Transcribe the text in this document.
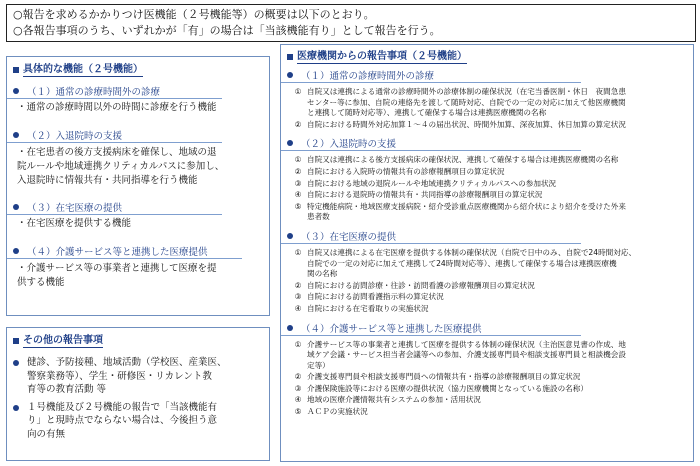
○報告を求めるかかりつけ医機能（２号機能等）の概要は以下のとおり。

○各報告事項のうち、いずれかが「有」の場合は「当該機能有り」として報告を行う。

具体的な機能（２号機能）
（１）通常の診療時間外の診療
・通常の診療時間以外の時間に診療を行う機能
（２）入退院時の支援
・在宅患者の後方支援病床を確保し、地域の退
院ルールや地域連携クリティカルパスに参加し、
入退院時に情報共有・共同指導を行う機能
（３）在宅医療の提供
・在宅医療を提供する機能
（４）介護サービス等と連携した医療提供
・介護サービス等の事業者と連携して医療を提
供する機能
その他の報告事項
健診、予防接種、地域活動（学校医、産業医、
警察業務等）、学生・研修医・リカレント教
育等の教育活動 等
１号機能及び２号機能の報告で「当該機能有
り」と現時点でならない場合は、今後担う意
向の有無
医療機関からの報告事項（２号機能）
（１）通常の診療時間外の診療
① 自院又は連携による通常の診療時間外の診療体制の確保状況（在宅当番医制・休日　夜間急患
センター等に参加、自院の連絡先を渡して随時対応、自院での一定の対応に加えて他医療機関
と連携して随時対応等）、連携して確保する場合は連携医療機関の名称
② 自院における時間外対応加算１～４の届出状況、時間外加算、深夜加算、休日加算の算定状況
（２）入退院時の支援
① 自院又は連携による後方支援病床の確保状況、連携して確保する場合は連携医療機関の名称
② 自院における入院時の情報共有の診療報酬項目の算定状況
③ 自院における地域の退院ルールや地域連携クリティカルパスへの参加状況
④ 自院における退院時の情報共有・共同指導の診療報酬項目の算定状況
⑤ 特定機能病院・地域医療支援病院・紹介受診重点医療機関から紹介状により紹介を受けた外来
患者数
（３）在宅医療の提供
① 自院又は連携による在宅医療を提供する体制の確保状況（自院で日中のみ、自院で24時間対応、
自院での一定の対応に加えて連携して24時間対応等）、連携して確保する場合は連携医療機
関の名称
② 自院における訪問診療・往診・訪問看護の診療報酬項目の算定状況
③ 自院における訪問看護指示料の算定状況
④ 自院における在宅看取りの実施状況
（４）介護サービス等と連携した医療提供
① 介護サービス等の事業者と連携して医療を提供する体制の確保状況（主治医意見書の作成、地
域ケア会議・サービス担当者会議等への参加、介護支援専門員や相談支援専門員と相談機会設
定等）
② 介護支援専門員や相談支援専門員への情報共有・指導の診療報酬項目の算定状況
③ 介護保険施設等における医療の提供状況（協力医療機関となっている施設の名称）
④ 地域の医療介護情報共有システムの参加・活用状況
⑤ ＡＣＰの実施状況
